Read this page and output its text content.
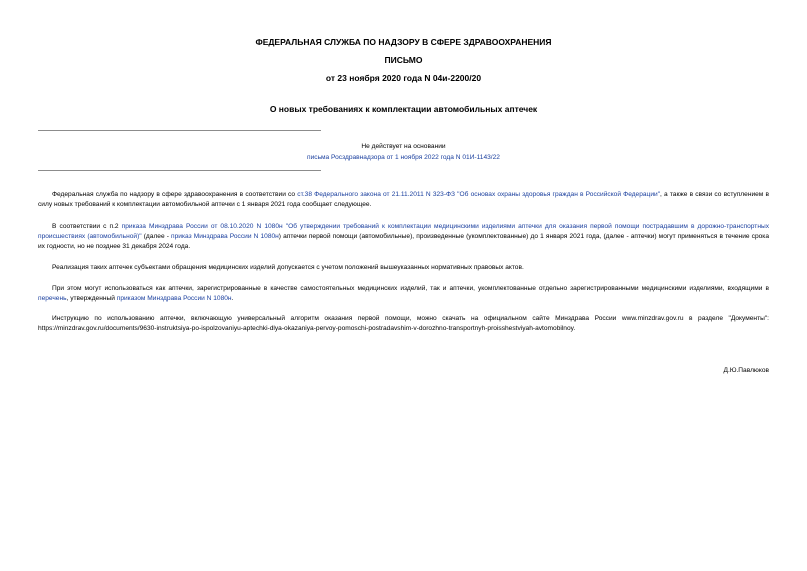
ФЕДЕРАЛЬНАЯ СЛУЖБА ПО НАДЗОРУ В СФЕРЕ ЗДРАВООХРАНЕНИЯ
ПИСЬМО
от 23 ноября 2020 года N 04и-2200/20
О новых требованиях к комплектации автомобильных аптечек
Не действует на основании
письма Росздравнадзора от 1 ноября 2022 года N 01И-1143/22

Федеральная служба по надзору в сфере здравоохранения в соответствии со ст.38 Федерального закона от 21.11.2011 N 323-ФЗ "Об основах охраны здоровья граждан в Российской Федерации", а также в связи со вступлением в силу новых требований к комплектации автомобильной аптечки с 1 января 2021 года сообщает следующее.

В соответствии с п.2 приказа Минздрава России от 08.10.2020 N 1080н "Об утверждении требований к комплектации медицинскими изделиями аптечки для оказания первой помощи пострадавшим в дорожно-транспортных происшествиях (автомобильной)" (далее - приказ Минздрава России N 1080н) аптечки первой помощи (автомобильные), произведенные (укомплектованные) до 1 января 2021 года, (далее - аптечки) могут применяться в течение срока их годности, но не позднее 31 декабря 2024 года.

Реализация таких аптечек субъектами обращения медицинских изделий допускается с учетом положений вышеуказанных нормативных правовых актов.

При этом могут использоваться как аптечки, зарегистрированные в качестве самостоятельных медицинских изделий, так и аптечки, укомплектованные отдельно зарегистрированными медицинскими изделиями, входящими в перечень, утвержденный приказом Минздрава России N 1080н.

Инструкцию по использованию аптечки, включающую универсальный алгоритм оказания первой помощи, можно скачать на официальном сайте Минздрава России www.minzdrav.gov.ru в разделе "Документы": https://minzdrav.gov.ru/documents/9630-instruktsiya-po-ispolzovaniyu-aptechki-dlya-okazaniya-pervoy-pomoschi-postradavshim-v-dorozhno-transportnyh-proisshestviyah-avtomobilnoy.

Д.Ю.Павлюков
